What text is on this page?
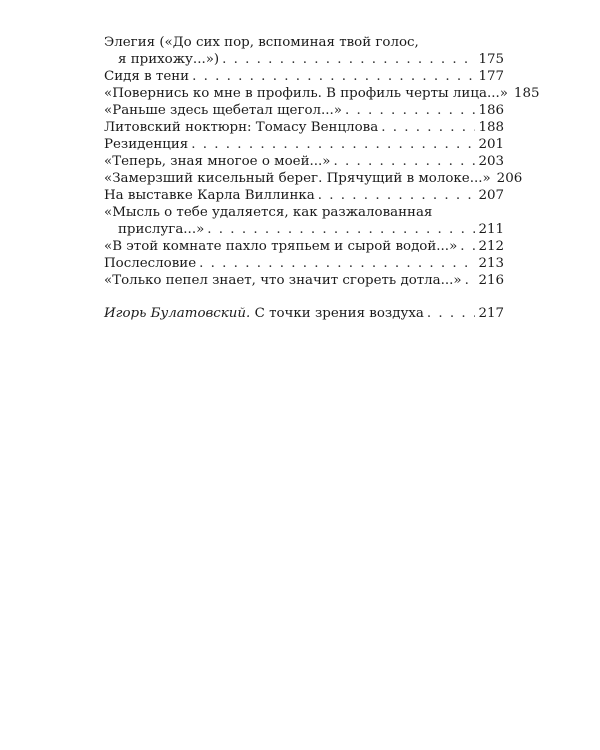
Элегия («До сих пор, вспоминая твой голос,
я прихожу...») . . .	175
Сидя в тени . . .	177
«Повернись ко мне в профиль. В профиль черты лица...» 185
«Раньше здесь щебетал щегол...» . . .	186
Литовский ноктюрн: Томасу Венцлова . . .	188
Резиденция . . .	201
«Теперь, зная многое о моей...» . . .	203
«Замерзший кисельный берег. Прячущий в молоке...» 206
На выставке Карла Виллинка . . .	207
«Мысль о тебе удаляется, как разжалованная
прислуга...» . . .	211
«В этой комнате пахло тряпьем и сырой водой...» . . . 212
Послесловие . . .	213
«Только пепел знает, что значит сгореть дотла...» . . . 216
Игорь Булатовский. С точки зрения воздуха . . .	217
